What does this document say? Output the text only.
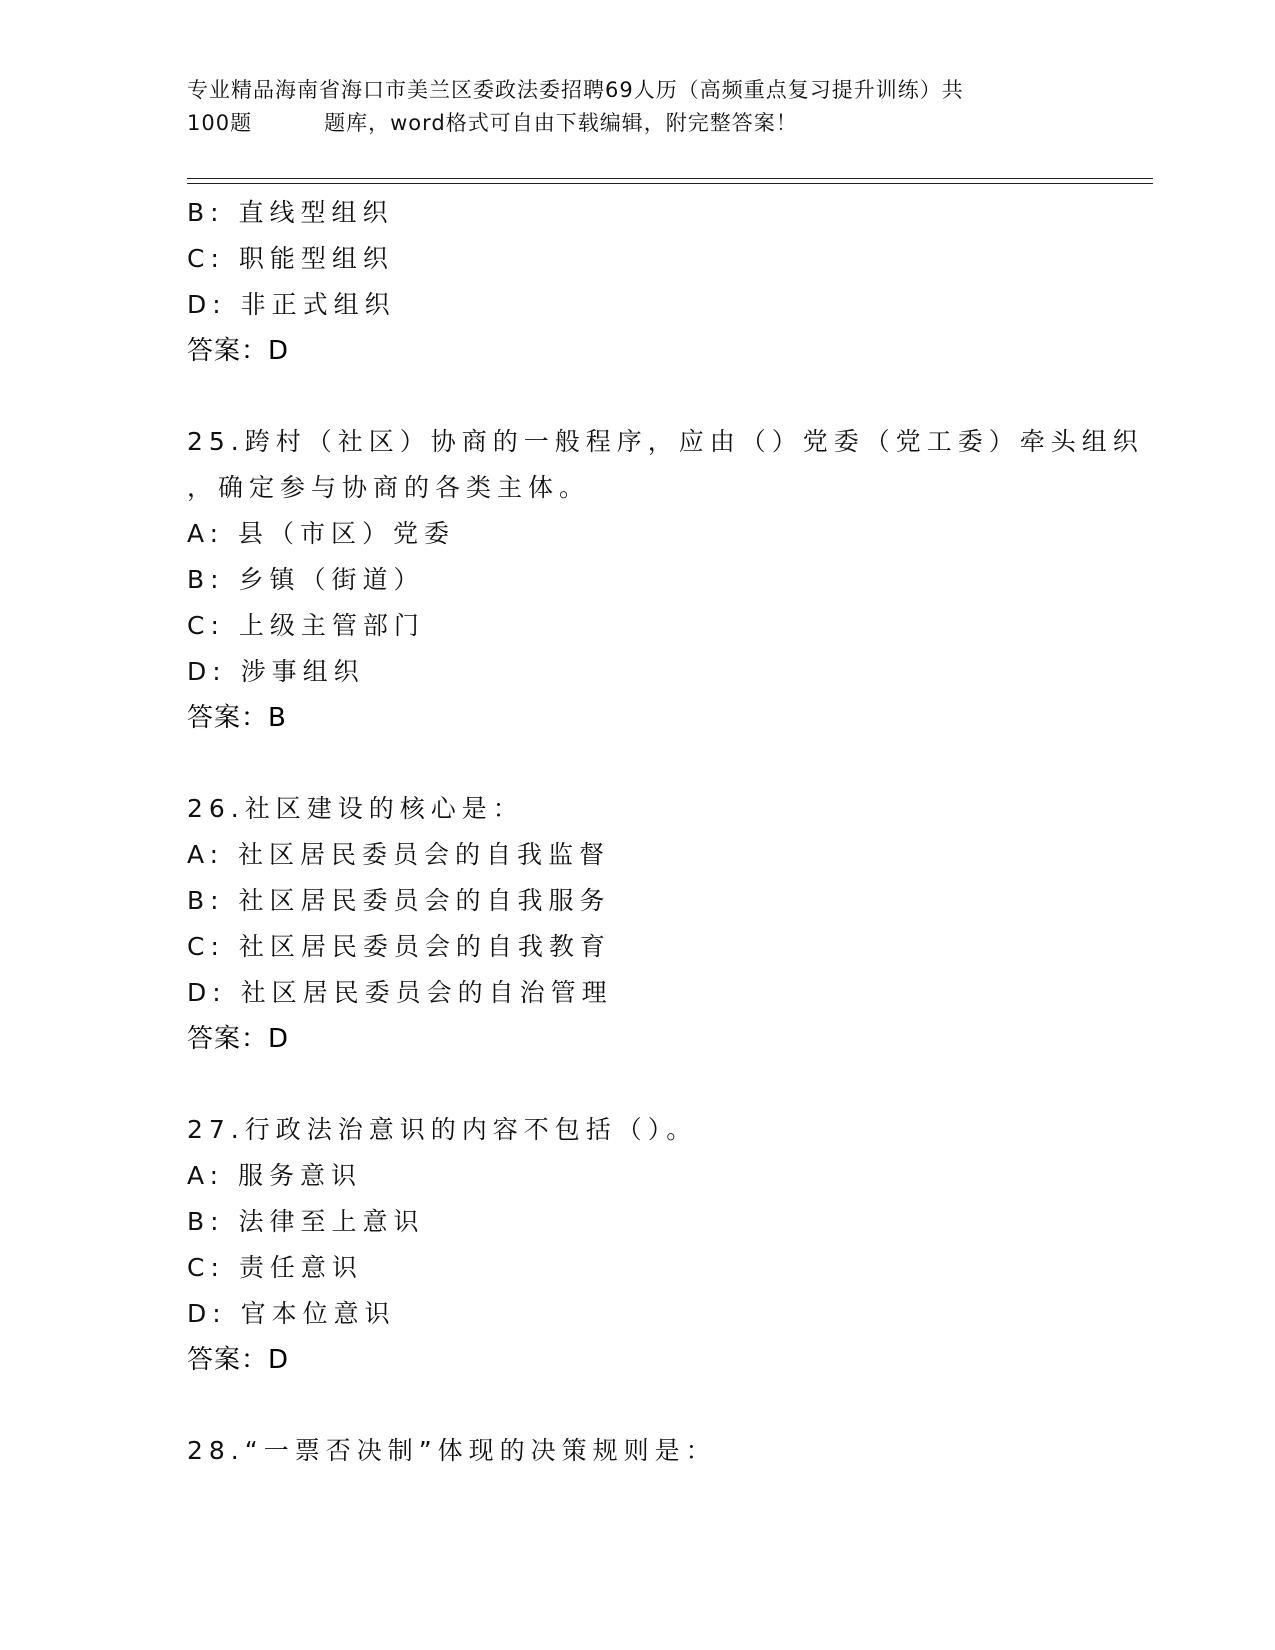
专业精品海南省海口市美兰区委政法委招聘69人历（高频重点复习提升训练）共
100题	题库，word格式可自由下载编辑，附完整答案！
B: 直线型组织
C: 职能型组织
D: 非正式组织
答案：D
25.跨村（社区）协商的一般程序，应由（）党委（党工委）牵头组织
，确定参与协商的各类主体。
A: 县（市区）党委
B: 乡镇（街道）
C: 上级主管部门
D: 涉事组织
答案：B
26.社区建设的核心是：
A: 社区居民委员会的自我监督
B: 社区居民委员会的自我服务
C: 社区居民委员会的自我教育
D: 社区居民委员会的自治管理
答案：D
27.行政法治意识的内容不包括（）。
A: 服务意识
B: 法律至上意识
C: 责任意识
D: 官本位意识
答案：D
28.“一票否决制”体现的决策规则是：
